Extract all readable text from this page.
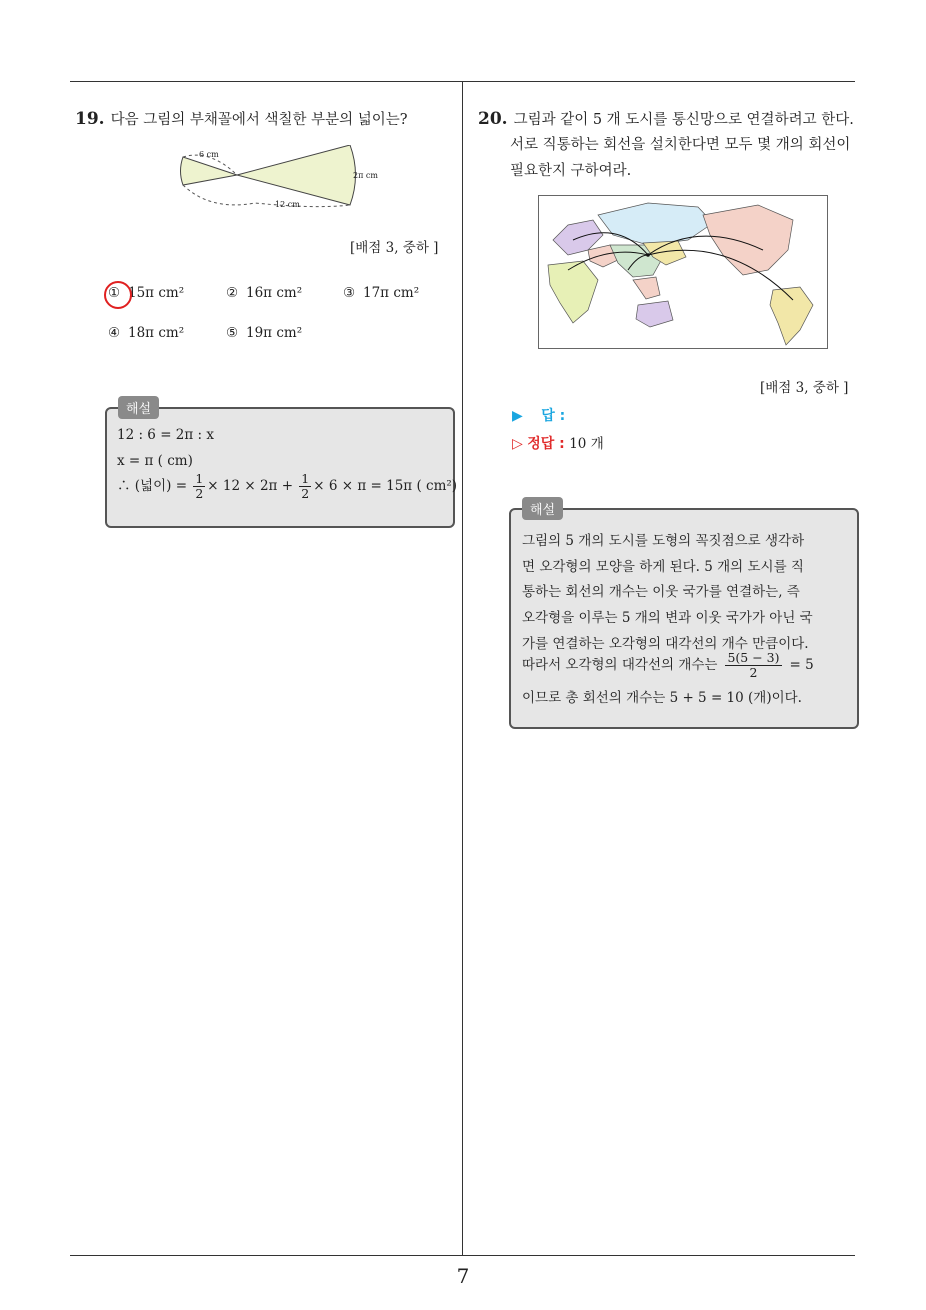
7
19. 다음 그림의 부채꼴에서 색칠한 부분의 넓이는?
6 cm
2π cm
12 cm
[배점 3, 중하 ]
① 15π cm²	② 16π cm²	③ 17π cm²
④ 18π cm²	⑤ 19π cm²
해설
12 : 6 = 2π : x
x = π ( cm)
∴ (넓이) = $\frac{1}{2} \times 12 \times 2\pi + \frac{1}{2} \times 6 \times \pi = 15\pi$ ( cm²)
20. 그림과 같이 5 개 도시를 통신망으로 연결하려고 한다.
서로 직통하는 회선을 설치한다면 모두 몇 개의 회선이
필요한지 구하여라.
[배점 3, 중하 ]
▶ 답 :
▷ 정답 : 10 개
해설
그림의 5 개의 도시를 도형의 꼭짓점으로 생각하
면 오각형의 모양을 하게 된다. 5 개의 도시를 직
통하는 회선의 개수는 이웃 국가를 연결하는, 즉
오각형을 이루는 5 개의 변과 이웃 국가가 아닌 국
가를 연결하는 오각형의 대각선의 개수 만큼이다.
따라서 오각형의 대각선의 개수는 $\frac{5(5 - 3)}{2} = 5$
이므로 총 회선의 개수는 5 + 5 = 10 (개)이다.
